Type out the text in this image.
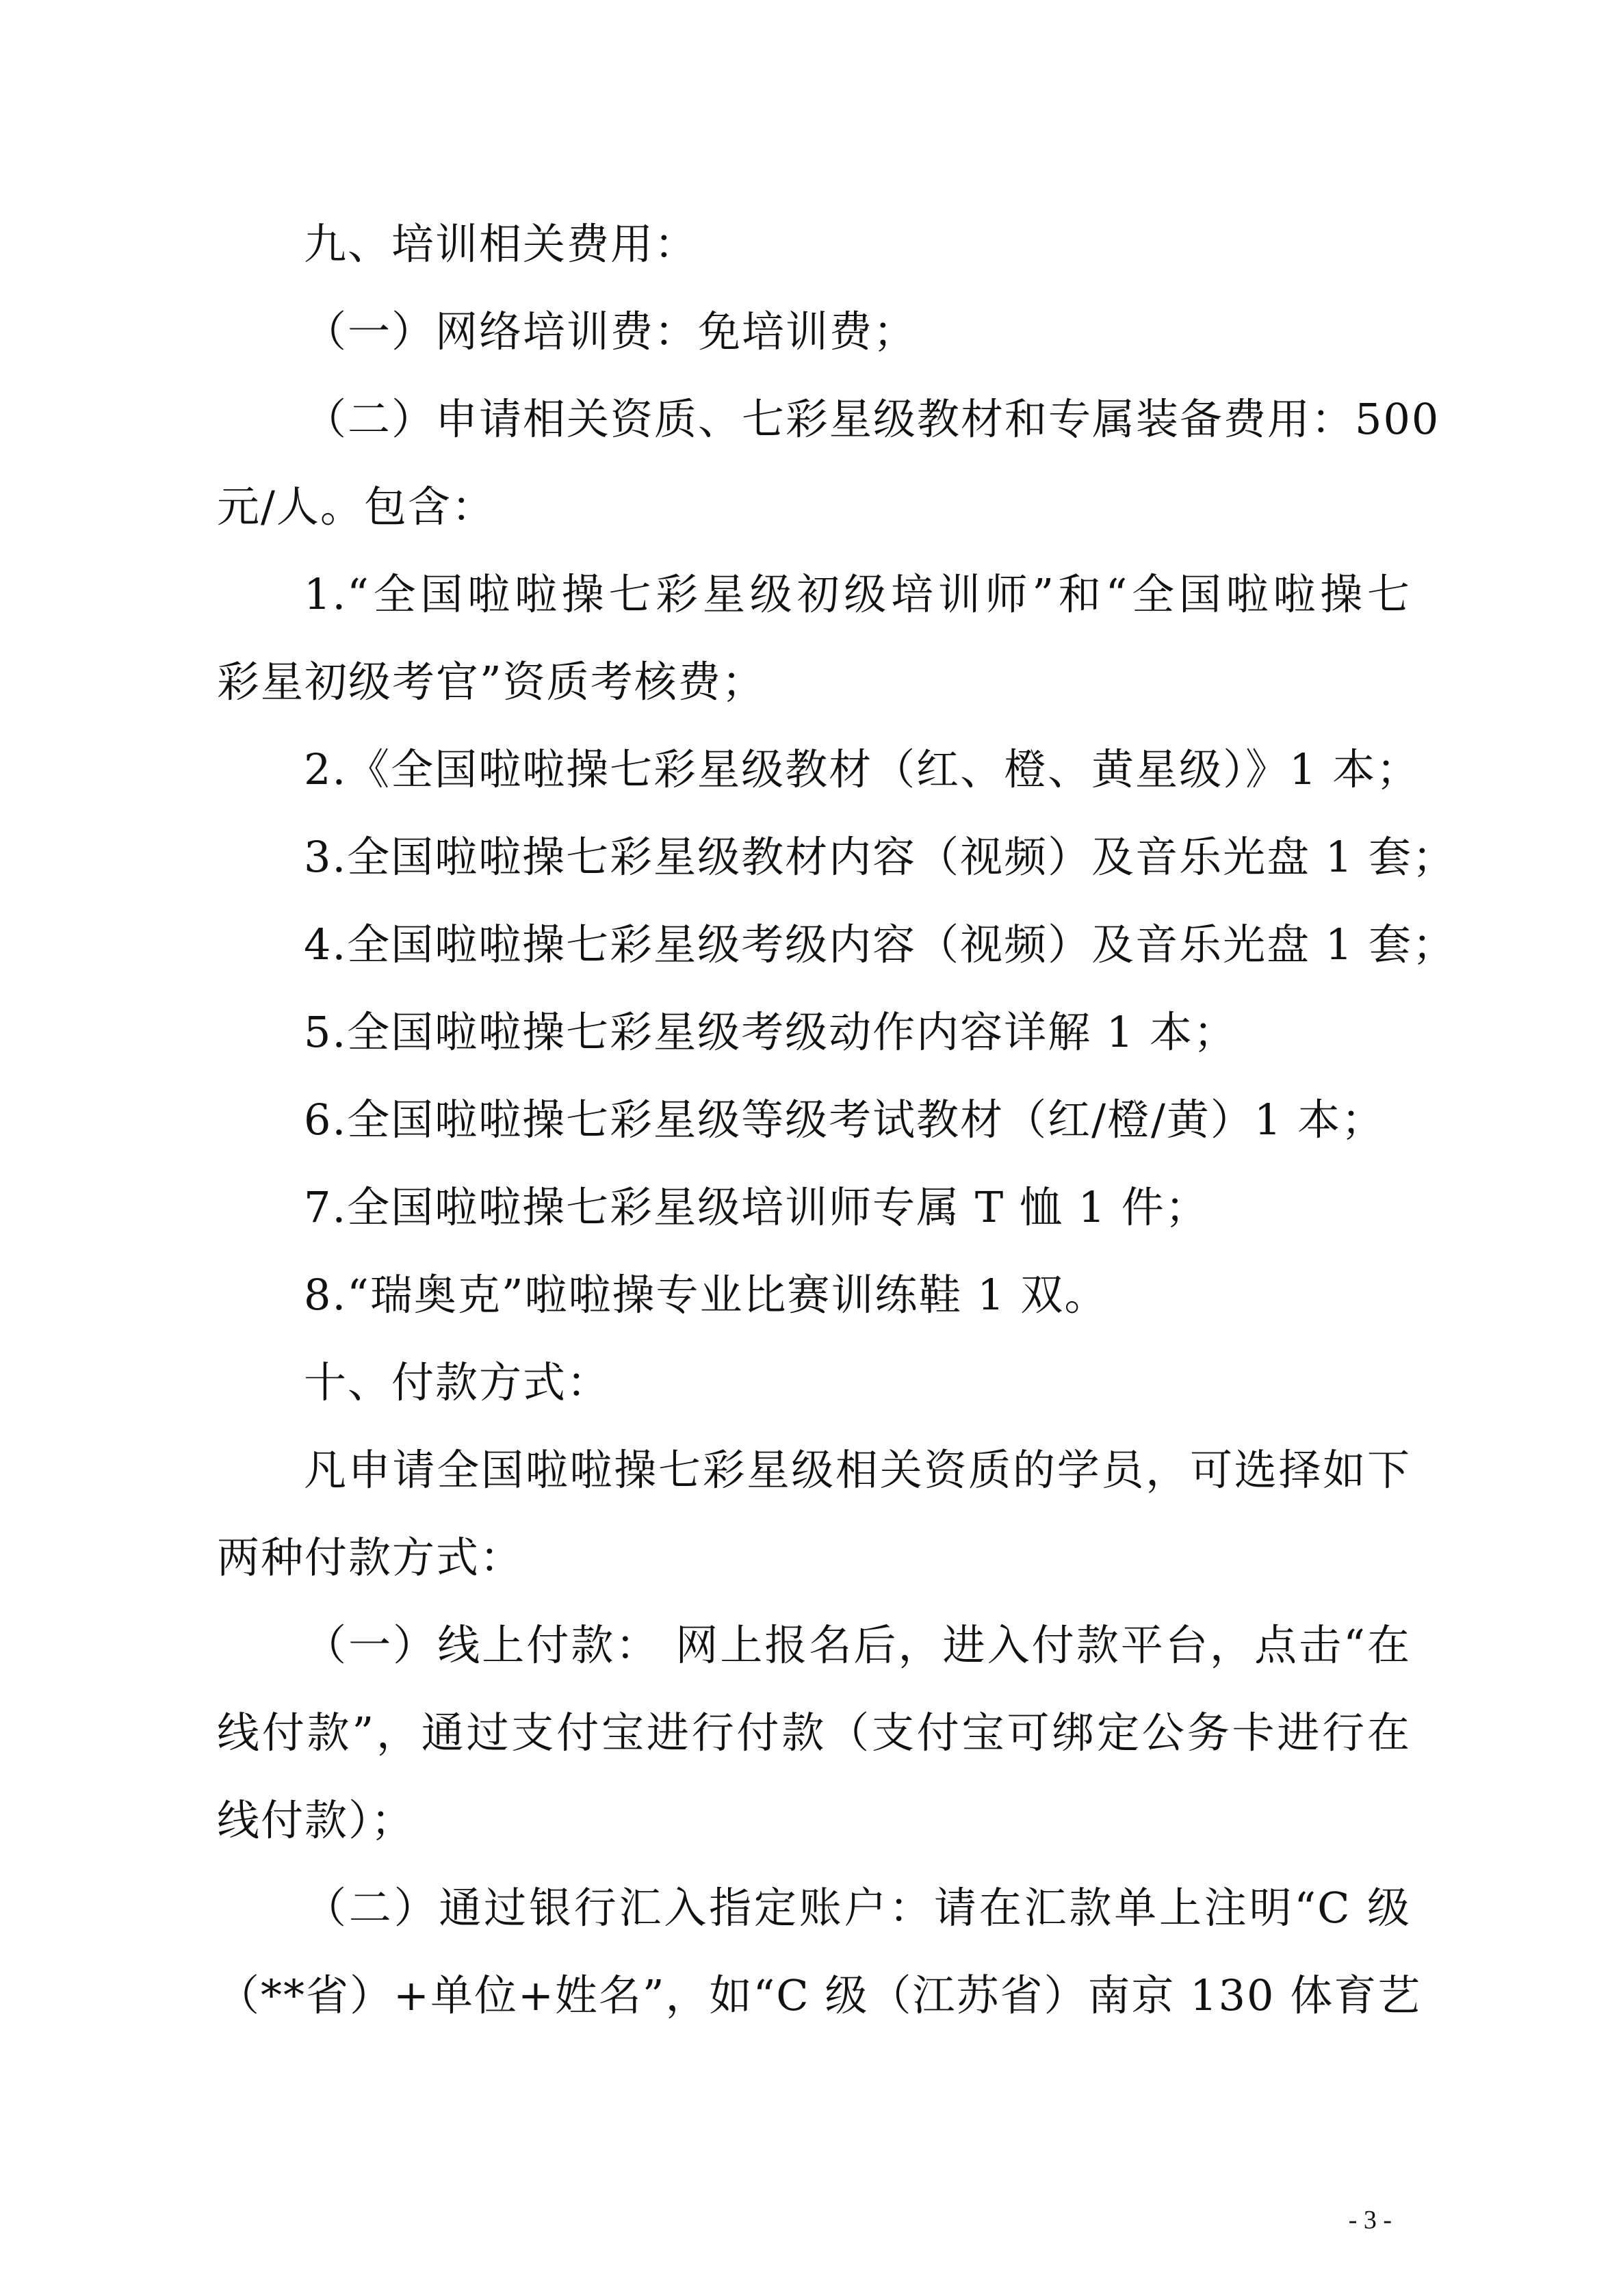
九、培训相关费用：
（一）网络培训费：免培训费；
（二）申请相关资质、七彩星级教材和专属装备费用：500
元/人。包含：
1.“全国啦啦操七彩星级初级培训师”和“全国啦啦操七
彩星初级考官”资质考核费；
2.《全国啦啦操七彩星级教材（红、橙、黄星级）》1 本；
3.全国啦啦操七彩星级教材内容（视频）及音乐光盘 1 套；
4.全国啦啦操七彩星级考级内容（视频）及音乐光盘 1 套；
5.全国啦啦操七彩星级考级动作内容详解 1 本；
6.全国啦啦操七彩星级等级考试教材（红/橙/黄）1 本；
7.全国啦啦操七彩星级培训师专属 T 恤 1 件；
8.“瑞奥克”啦啦操专业比赛训练鞋 1 双。
十、付款方式：
凡申请全国啦啦操七彩星级相关资质的学员，可选择如下
两种付款方式：
（一）线上付款： 网上报名后，进入付款平台，点击“在
线付款”，通过支付宝进行付款（支付宝可绑定公务卡进行在
线付款）；
（二）通过银行汇入指定账户：请在汇款单上注明“C 级
（**省）+单位+姓名”，如“C 级（江苏省）南京 130 体育艺
- 3 -
